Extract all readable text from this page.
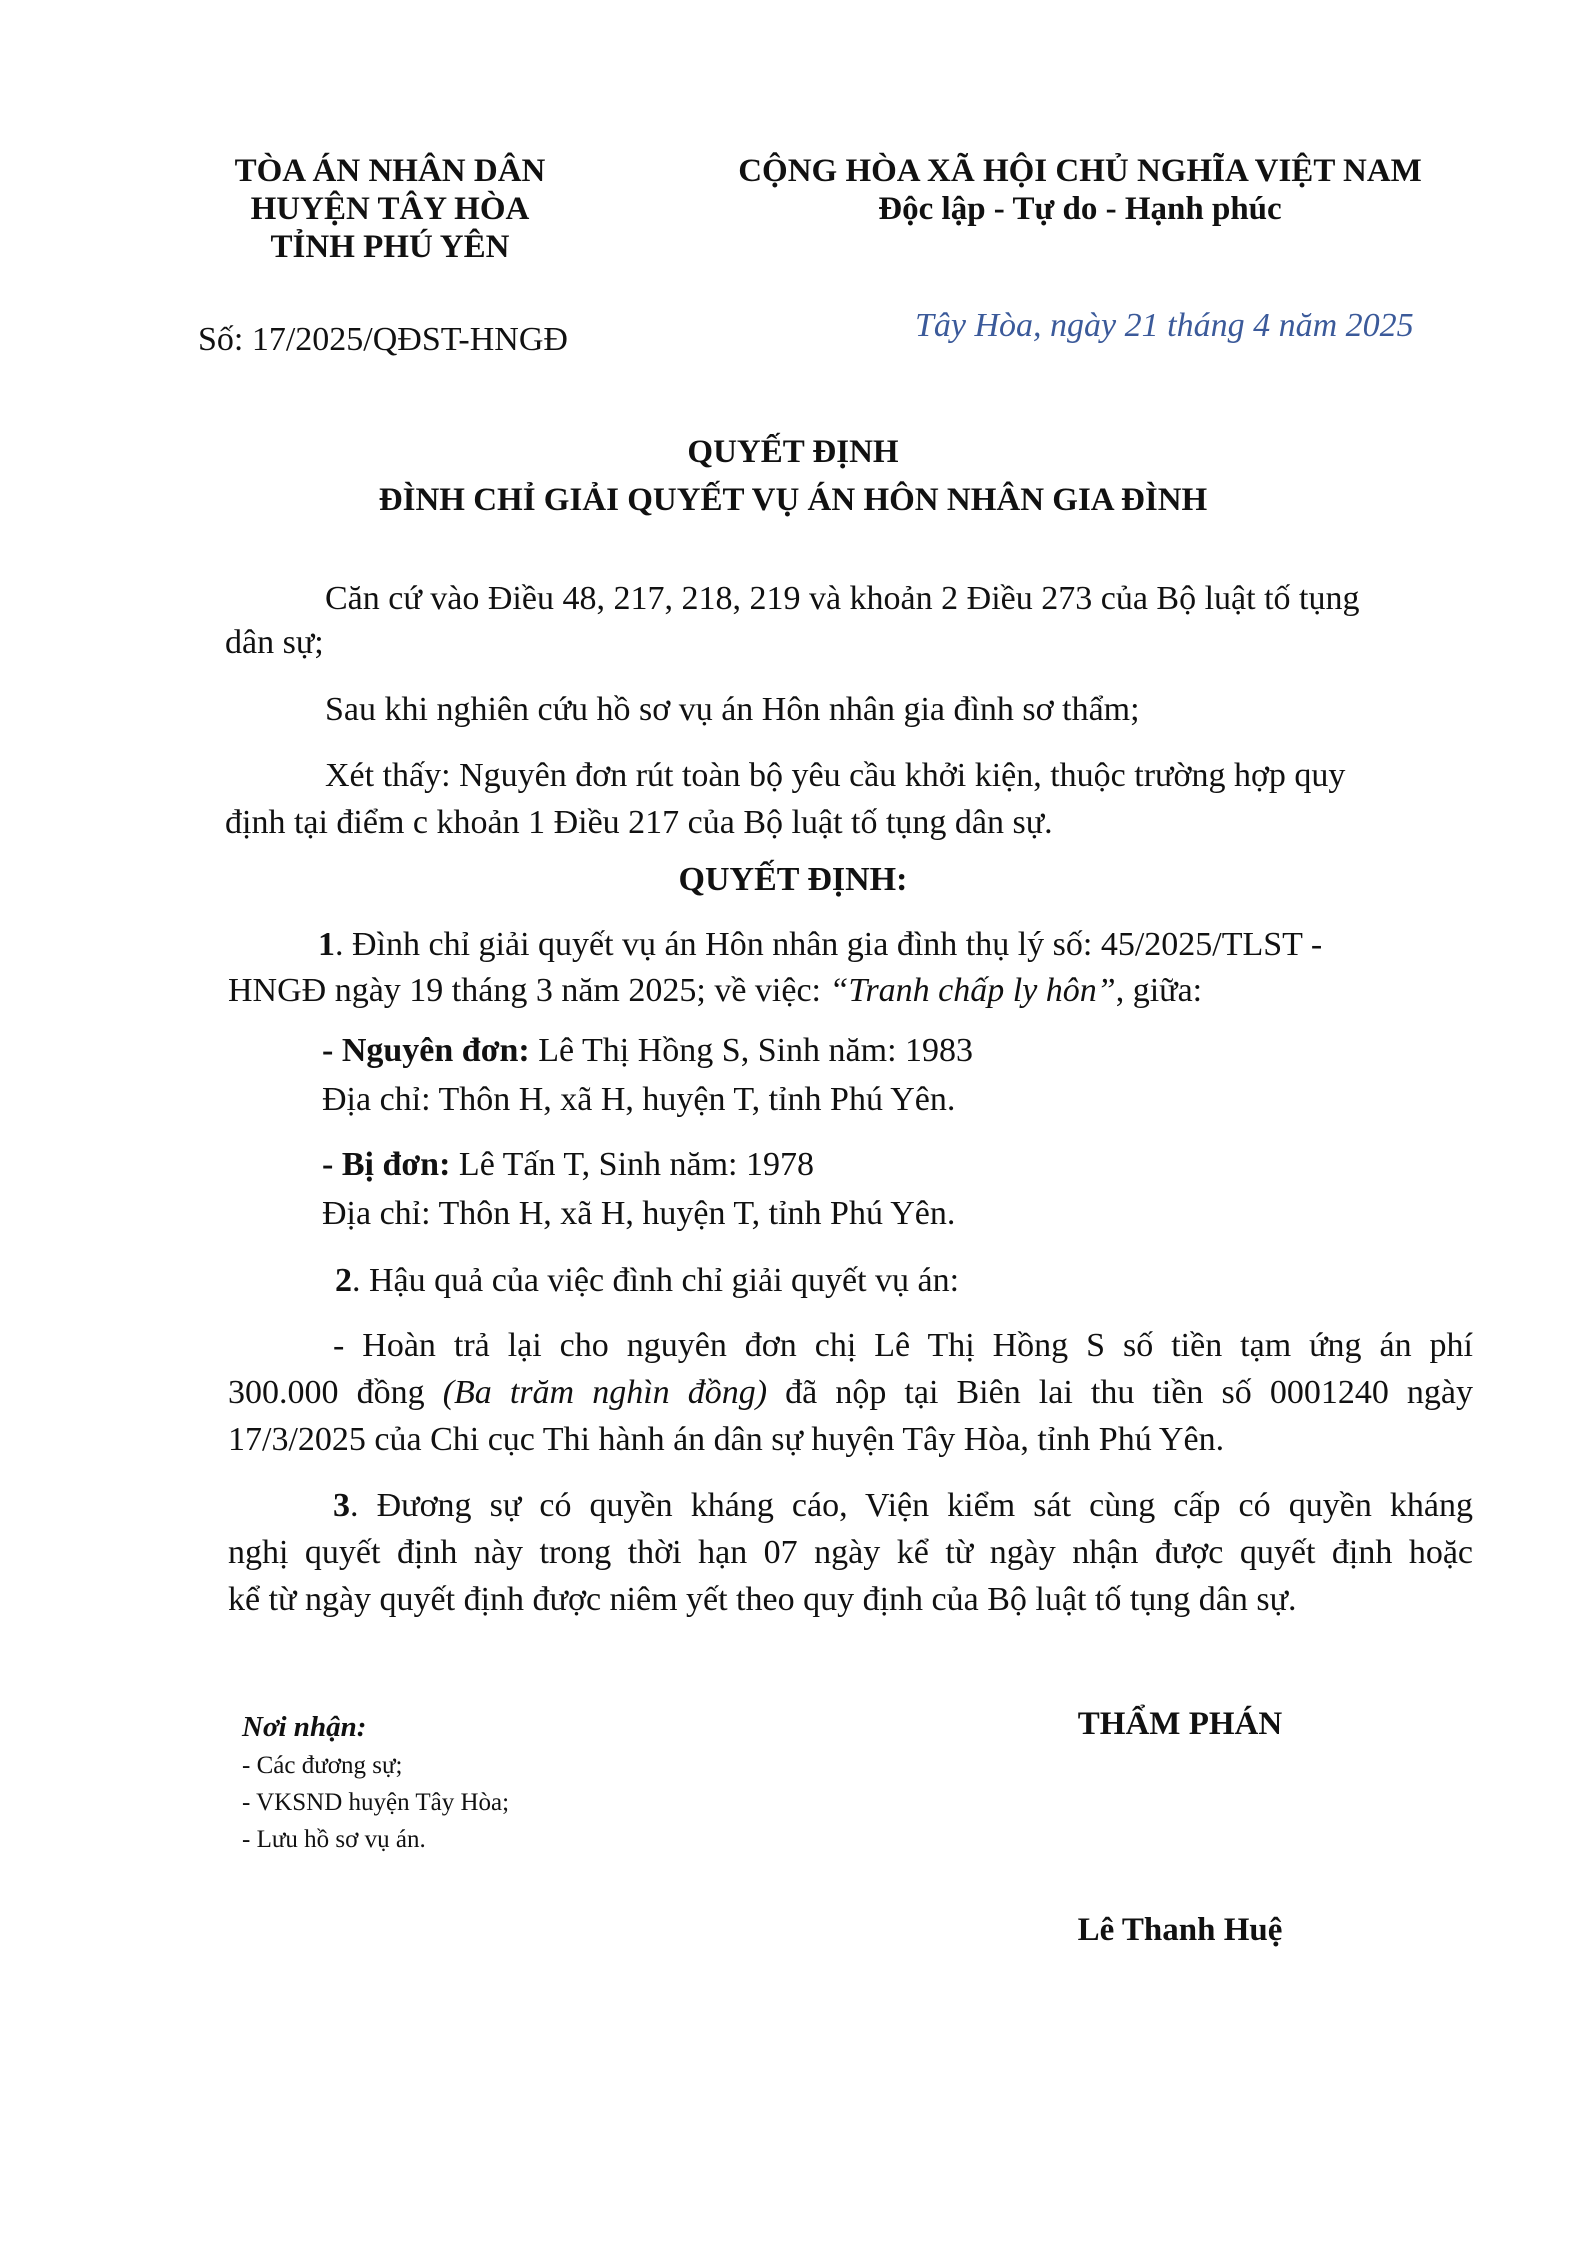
TÒA ÁN NHÂN DÂN
HUYỆN TÂY HÒA
TỈNH PHÚ YÊN
CỘNG HÒA XÃ HỘI CHỦ NGHĨA VIỆT NAM
Độc lập - Tự do - Hạnh phúc
Số: 17/2025/QĐST-HNGĐ	Tây Hòa, ngày 21 tháng 4 năm 2025
QUYẾT ĐỊNH
ĐÌNH CHỈ GIẢI QUYẾT VỤ ÁN HÔN NHÂN GIA ĐÌNH
Căn cứ vào Điều 48, 217, 218, 219 và khoản 2 Điều 273 của Bộ luật tố tụng
dân sự;
Sau khi nghiên cứu hồ sơ vụ án Hôn nhân gia đình sơ thẩm;
Xét thấy: Nguyên đơn rút toàn bộ yêu cầu khởi kiện, thuộc trường hợp quy
định tại điểm c khoản 1 Điều 217 của Bộ luật tố tụng dân sự.
QUYẾT ĐỊNH:
1. Đình chỉ giải quyết vụ án Hôn nhân gia đình thụ lý số: 45/2025/TLST -
HNGĐ ngày 19 tháng 3 năm 2025; về việc: “Tranh chấp ly hôn”, giữa:
- Nguyên đơn: Lê Thị Hồng S, Sinh năm: 1983
Địa chỉ: Thôn H, xã H, huyện T, tỉnh Phú Yên.
- Bị đơn: Lê Tấn T, Sinh năm: 1978
Địa chỉ: Thôn H, xã H, huyện T, tỉnh Phú Yên.
2. Hậu quả của việc đình chỉ giải quyết vụ án:
- Hoàn trả lại cho nguyên đơn chị Lê Thị Hồng S số tiền tạm ứng án phí
300.000 đồng (Ba trăm nghìn đồng) đã nộp tại Biên lai thu tiền số 0001240 ngày
17/3/2025 của Chi cục Thi hành án dân sự huyện Tây Hòa, tỉnh Phú Yên.
3. Đương sự có quyền kháng cáo, Viện kiểm sát cùng cấp có quyền kháng
nghị quyết định này trong thời hạn 07 ngày kể từ ngày nhận được quyết định hoặc
kể từ ngày quyết định được niêm yết theo quy định của Bộ luật tố tụng dân sự.
Nơi nhận:
- Các đương sự;
- VKSND huyện Tây Hòa;
- Lưu hồ sơ vụ án.
THẨM PHÁN
Lê Thanh Huệ
